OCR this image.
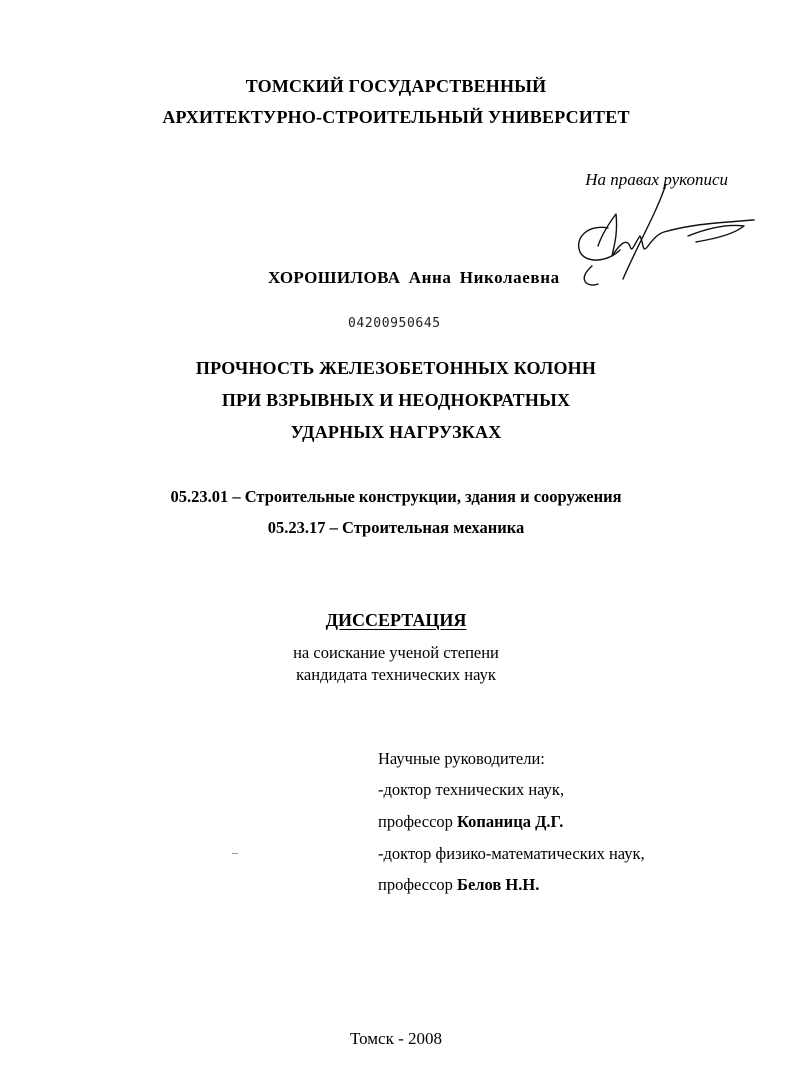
ТОМСКИЙ ГОСУДАРСТВЕННЫЙ
АРХИТЕКТУРНО-СТРОИТЕЛЬНЫЙ УНИВЕРСИТЕТ
На правах рукописи
ХОРОШИЛОВА Анна Николаевна
04200950645
ПРОЧНОСТЬ ЖЕЛЕЗОБЕТОННЫХ КОЛОНН
ПРИ ВЗРЫВНЫХ И НЕОДНОКРАТНЫХ
УДАРНЫХ НАГРУЗКАХ
05.23.01 – Строительные конструкции, здания и сооружения
05.23.17 – Строительная механика
ДИССЕРТАЦИЯ
на соискание ученой степени
кандидата технических наук
Научные руководители:
-доктор технических наук,
профессор Копаница Д.Г.
-доктор физико-математических наук,
профессор Белов Н.Н.
Томск - 2008
